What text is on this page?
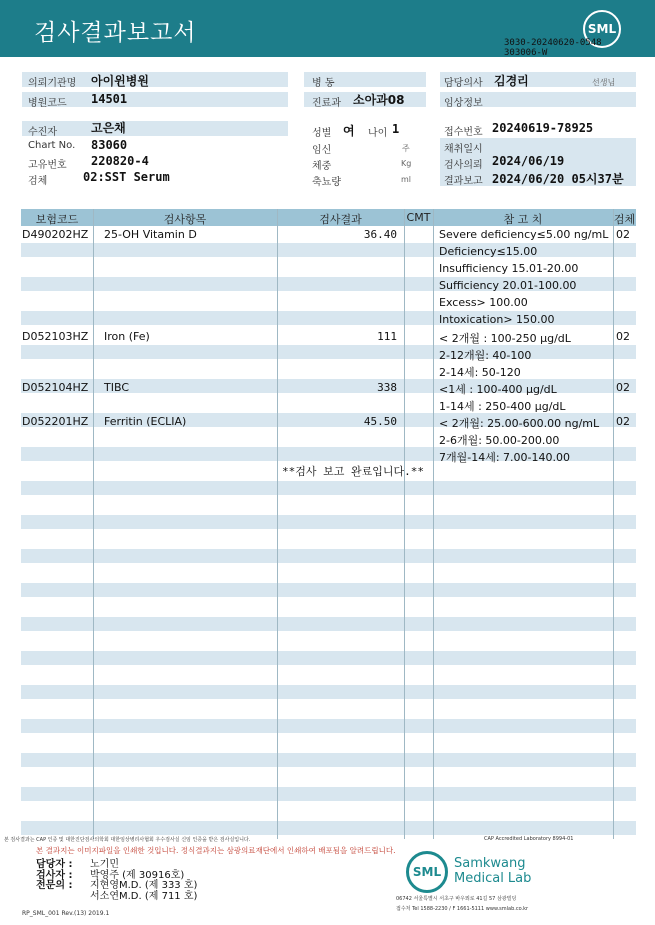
검사결과보고서	SML
3030-20240620-0548
303006-W
의뢰기관명 아이윈병원
병원코드 14501
병 동
진료과 소아과08
담당의사 김경리	선생님
임상정보
수진자	고은채	성별 여 나이 1	접수번호 20240619-78925
Chart No. 83060
고유번호 220820-4
검체	02:SST Serum
임신	주
체중	Kg
축뇨량	ml
채취일시
검사의뢰 2024/06/19
결과보고 2024/06/20 05시37분
보험코드	검사항목	검사결과	CMT	참 고 치	검체
D490202HZ 25-OH Vitamin D	36.40	Severe deficiency≤5.00 ng/mL 02
Deficiency≤15.00
Insufficiency 15.01-20.00
Sufficiency 20.01-100.00
Excess> 100.00
Intoxication> 150.00
D052103HZ Iron (Fe)	111	< 2개월 : 100-250 µg/dL	02
2-12개월: 40-100
2-14세: 50-120
D052104HZ TIBC	338	<1세 : 100-400 µg/dL	02
1-14세 : 250-400 µg/dL
D052201HZ Ferritin (ECLIA)	45.50	< 2개월: 25.00-600.00 ng/mL 02
2-6개월: 50.00-200.00
7개월-14세: 7.00-140.00
**검사 보고 완료입니다.**
본 검사결과는 CAP 인증 및 대한진단검사의학회 대한임상병리사협회 우수검사실 신임 인증을 받은 검사실입니다.	CAP Accredited Laboratory 8994-01
본 결과지는 이미지파일을 인쇄한 것입니다. 정식결과지는 삼광의료재단에서 인쇄하여 배포됨을 알려드립니다.
담당자 : 노기민
검사자 : 박영주 (제 30916호)
전문의 : 지현영M.D. (제 333 호)
서소연M.D. (제 711 호)
SML
Samkwang
Medical Lab
06742 서울특별시 서초구 바우뫼로 41길 57 삼광빌딩
접수처 Tel 1588-2230 / F 1661-5111 www.smlab.co.kr
RP_SML_001 Rev.(13) 2019.1
